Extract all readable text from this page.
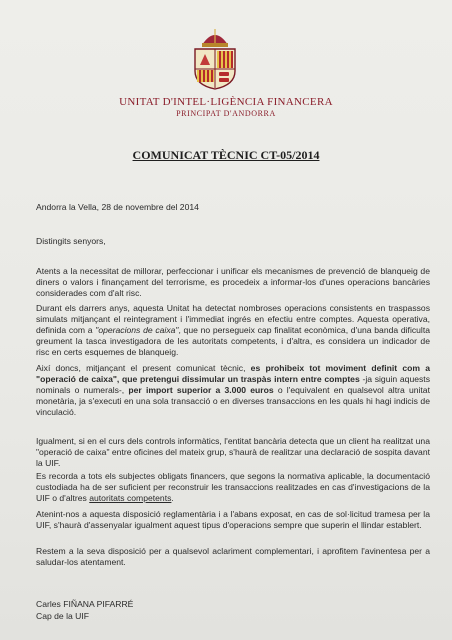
UNITAT D'INTEL·LIGÈNCIA FINANCERA
PRINCIPAT D'ANDORRA
COMUNICAT TÈCNIC CT-05/2014
Andorra la Vella, 28 de novembre del 2014
Distingits senyors,
Atents a la necessitat de millorar, perfeccionar i unificar els mecanismes de prevenció de blanqueig de diners o valors i finançament del terrorisme, es procedeix a informar-los d'unes operacions bancàries considerades com d'alt risc.
Durant els darrers anys, aquesta Unitat ha detectat nombroses operacions consistents en traspassos simulats mitjançant el reintegrament i l'immediat ingrés en efectiu entre comptes. Aquesta operativa, definida com a "operacions de caixa", que no persegueix cap finalitat econòmica, d'una banda dificulta greument la tasca investigadora de les autoritats competents, i d'altra, es considera un indicador de risc en certs esquemes de blanqueig.
Així doncs, mitjançant el present comunicat tècnic, es prohibeix tot moviment definit com a "operació de caixa", que pretengui dissimular un traspàs intern entre comptes -ja siguin aquests nominals o numerals-, per import superior a 3.000 euros o l'equivalent en qualsevol altra unitat monetària, ja s'executi en una sola transacció o en diverses transaccions en les quals hi hagi indicis de vinculació.
Igualment, si en el curs dels controls informàtics, l'entitat bancària detecta que un client ha realitzat una "operació de caixa" entre oficines del mateix grup, s'haurà de realitzar una declaració de sospita davant la UIF.
Es recorda a tots els subjectes obligats financers, que segons la normativa aplicable, la documentació custodiada ha de ser suficient per reconstruir les transaccions realitzades en cas d'investigacions de la UIF o d'altres autoritats competents.
Atenint-nos a aquesta disposició reglamentària i a l'abans exposat, en cas de sol·licitud tramesa per la UIF, s'haurà d'assenyalar igualment aquest tipus d'operacions sempre que superin el llindar establert.
Restem a la seva disposició per a qualsevol aclariment complementari, i aprofitem l'avinentesa per a saludar-los atentament.
Carles FIÑANA PIFARRÉ
Cap de la UIF
